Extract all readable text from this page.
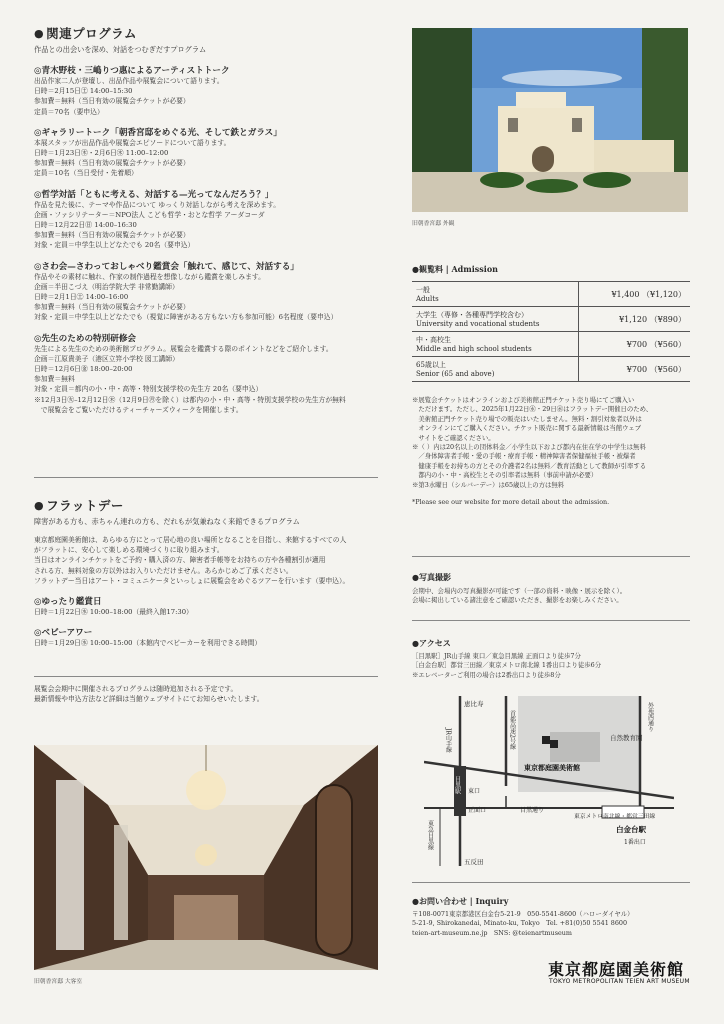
● 関連プログラム
作品との出会いを深め、対話をつむぎだすプログラム
◎青木野枝・三嶋りつ惠によるアーティストトーク
出品作家二人が登壇し、出品作品や展覧会について語ります。
日時＝2月15日㊏ 14:00–15:30
参加費＝無料（当日有効の展覧会チケットが必要）
定員＝70名（要申込）
◎ギャラリートーク「朝香宮邸をめぐる光、そして鉄とガラス」
本展スタッフが出品作品や展覧会エピソードについて語ります。
日時＝1月23日㊍・2月6日㊍ 11:00–12:00
参加費＝無料（当日有効の展覧会チケットが必要）
定員＝10名（当日受付・先着順）
◎哲学対話「ともに考える、対話する—光ってなんだろう？」
作品を見た後に、テーマや作品について ゆっくり対話しながら考えを深めます。
企画・ファシリテーター＝NPO法人 こども哲学・おとな哲学 アーダコーダ
日時＝12月22日㊐ 14:00–16:30
参加費＝無料（当日有効の展覧会チケットが必要）
対象・定員＝中学生以上どなたでも 20名（要申込）
◎さわ会—さわっておしゃべり鑑賞会「触れて、感じて、対話する」
作品やその素材に触れ、作家の制作過程を想像しながら鑑賞を楽しみます。
企画＝半田こづえ（明治学院大学 非常勤講師）
日時＝2月1日㊏ 14:00–16:00
参加費＝無料（当日有効の展覧会チケットが必要）
対象・定員＝中学生以上どなたでも（視覚に障害がある方もない方も参加可能）6名程度（要申込）
◎先生のための特別研修会
先生による先生のための美術館プログラム。展覧会を鑑賞する際のポイントなどをご紹介します。
企画＝江原貴美子（港区立笄小学校 図工講師）
日時＝12月6日㊎ 18:00–20:00
参加費＝無料
対象・定員＝都内の小・中・高等・特別支援学校の先生方 20名（要申込）
※12月3日㊋–12月12日㊍（12月9日㊊を除く）は都内の小・中・高等・特別支援学校の先生方が無料
　で展覧会をご覧いただけるティーチャーズウィークを開催します。
● フラットデー
障害がある方も、赤ちゃん連れの方も、だれもが気兼ねなく来館できるプログラム
東京都庭園美術館は、あらゆる方にとって居心地の良い場所となることを目指し、来館するすべての人
がフラットに、安心して楽しめる環境づくりに取り組みます。
当日はオンラインチケットをご予約・購入済の方、障害者手帳等をお持ちの方や各種割引が適用
される方、無料対象の方以外はお入りいただけません。あらかじめご了承ください。
フラットデー当日はアート・コミュニケータといっしょに展覧会をめぐるツアーを行います（要申込）。
◎ゆったり鑑賞日
日時＝1月22日㊌ 10:00–18:00（最終入館17:30）
◎ベビーアワー
日時＝1月29日㊌ 10:00–15:00（本館内でベビーカーを利用できる時間）
展覧会会期中に開催されるプログラムは随時追加される予定です。
最新情報や申込方法など詳細は当館ウェブサイトにてお知らせいたします。
旧朝香宮邸 大客室
旧朝香宮邸 外観
●観覧料 | Admission
一般
Adults	¥1,400 （¥1,120）

大学生（専修・各種専門学校含む）
University and vocational students	¥1,120 （¥890）

中・高校生
Middle and high school students	¥700 （¥560）

65歳以上
Senior (65 and above)	¥700 （¥560）
※展覧会チケットはオンラインおよび美術館正門チケット売り場にてご購入い
　ただけます。ただし、2025年1月22日㊌・29日㊌はフラットデー開催日のため、
　美術館正門チケット売り場での販売はいたしません。無料・割引対象者以外は
　オンラインにてご購入ください。チケット販売に関する最新情報は当館ウェブ
　サイトをご確認ください。
※（ ）内は20名以上の団体料金／小学生以下および都内在住在学の中学生は無料
　／身体障害者手帳・愛の手帳・療育手帳・精神障害者保健福祉手帳・被爆者
　健康手帳をお持ちの方とその介護者2名は無料／教育活動として教師が引率する
　都内の小・中・高校生とその引率者は無料（事前申請が必要）
※第3水曜日（シルバーデー）は65歳以上の方は無料
*Please see our website for more detail about the admission.
●写真撮影
会期中、会場内の写真撮影が可能です（一部の資料・映像・展示を除く）。
会場に掲出している諸注意をご確認いただき、撮影をお楽しみください。
●アクセス
［目黒駅］JR山手線 東口／東急目黒線 正面口より徒歩7分
［白金台駅］都営三田線／東京メトロ南北線 1番出口より徒歩6分
※エレベーターご利用の場合は2番出口より徒歩8分
恵比寿
JR山手線	首都高速2号線	自然教育園
東京都庭園美術館
目黒駅 東口
正面口	目黒通り
東急目黒線
五反田
東京メトロ南北線・都営三田線
白金台駅
1番出口
外苑西通り
●お問い合わせ | Inquiry
〒108-0071東京都港区白金台5-21-9　050-5541-8600（ハローダイヤル）
5-21-9, Shirokanedai, Minato-ku, Tokyo　Tel. +81(0)50 5541 8600
teien-art-museum.ne.jp　SNS: @teienartmuseum
東京都庭園美術館
TOKYO METROPOLITAN TEIEN ART MUSEUM
